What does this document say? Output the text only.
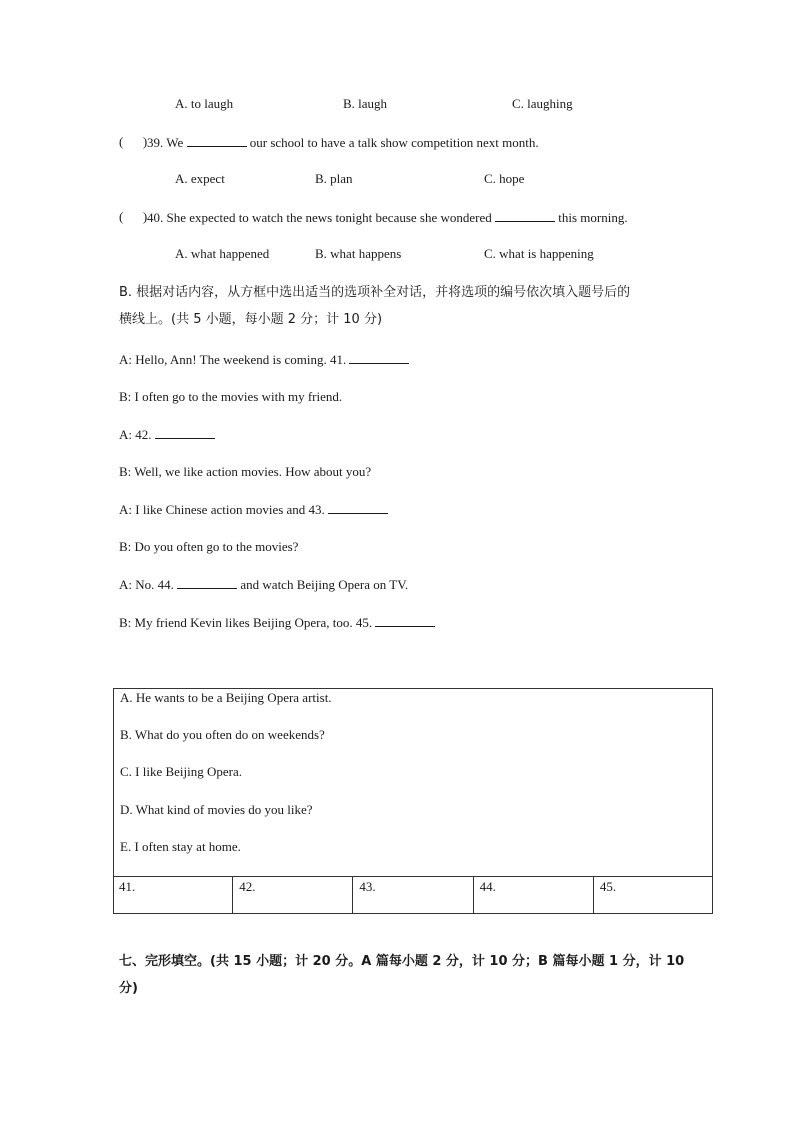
A. to laugh	B. laugh	C. laughing
(      ) 39. We	our school to have a talk show competition next month.
A. expect	B. plan	C. hope
(      ) 40. She expected to watch the news tonight because she wondered	this morning.
A. what happened	B. what happens	C. what is happening
B. 根据对话内容，从方框中选出适当的选项补全对话，并将选项的编号依次填入题号后的
横线上。(共 5 小题，每小题 2 分；计 10 分)
A: Hello, Ann! The weekend is coming. 41.
B: I often go to the movies with my friend.
A: 42.
B: Well, we like action movies. How about you?
A: I like Chinese action movies and 43.
B: Do you often go to the movies?
A: No. 44.	and watch Beijing Opera on TV.
B: My friend Kevin likes Beijing Opera, too. 45.
A. He wants to be a Beijing Opera artist.
B. What do you often do on weekends?
C. I like Beijing Opera.
D. What kind of movies do you like?
E. I often stay at home.
41.	42.	43.	44.	45.
七、完形填空。(共 15 小题；计 20 分。A 篇每小题 2 分，计 10 分；B 篇每小题 1 分，计 10
分)
